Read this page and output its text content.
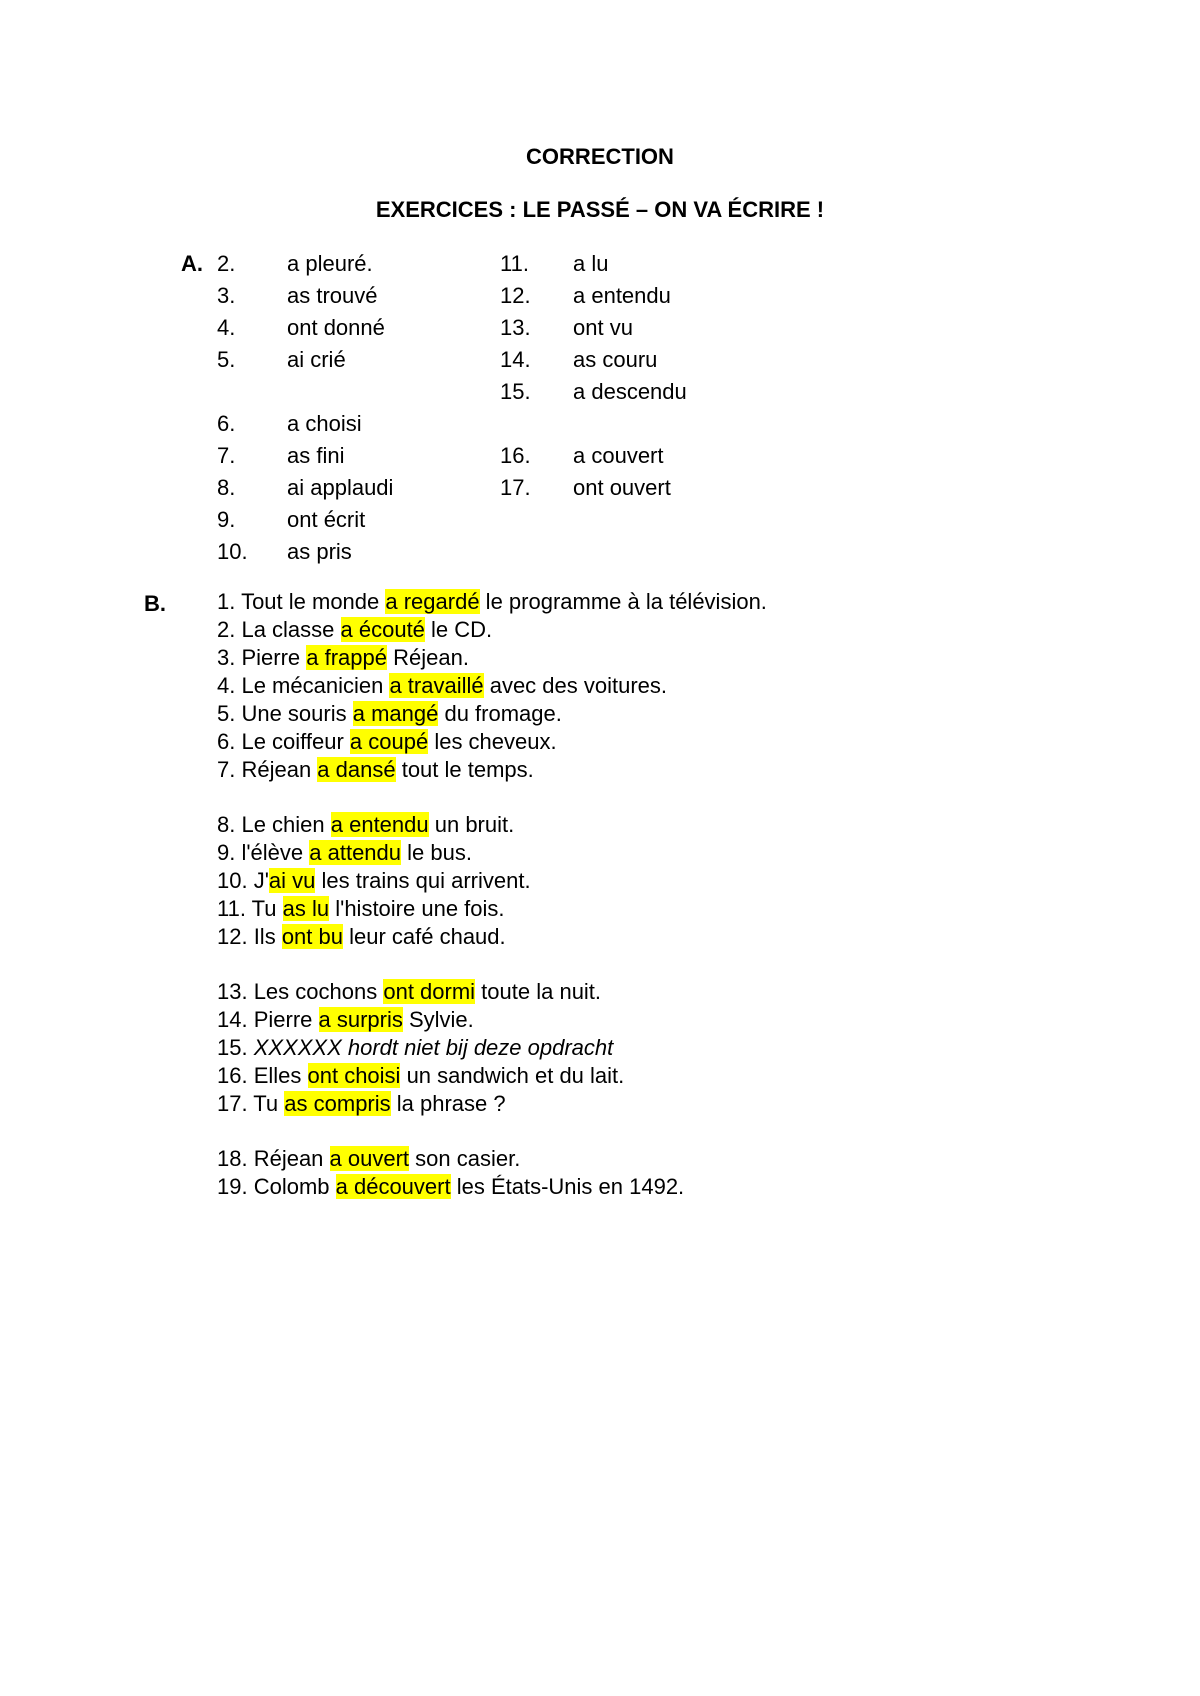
CORRECTION
EXERCICES : LE PASSÉ – ON VA ÉCRIRE !
A. 2. a pleuré.
3. as trouvé
4. ont donné
5. ai crié
6. a choisi
7. as fini
8. ai applaudi
9. ont écrit
10. as pris
11. a lu
12. a entendu
13. ont vu
14. as couru
15. a descendu
16. a couvert
17. ont ouvert
B. 1. Tout le monde a regardé le programme à la télévision.
2. La classe a écouté le CD.
3. Pierre a frappé Réjean.
4. Le mécanicien a travaillé avec des voitures.
5. Une souris a mangé du fromage.
6. Le coiffeur a coupé les cheveux.
7. Réjean a dansé tout le temps.
8. Le chien a entendu un bruit.
9. l'élève a attendu le bus.
10. J'ai vu les trains qui arrivent.
11. Tu as lu l'histoire une fois.
12. Ils ont bu leur café chaud.
13. Les cochons ont dormi toute la nuit.
14. Pierre a surpris Sylvie.
15. XXXXXX hordt niet bij deze opdracht
16. Elles ont choisi un sandwich et du lait.
17. Tu as compris la phrase ?
18. Réjean a ouvert son casier.
19. Colomb a découvert les États-Unis en 1492.
